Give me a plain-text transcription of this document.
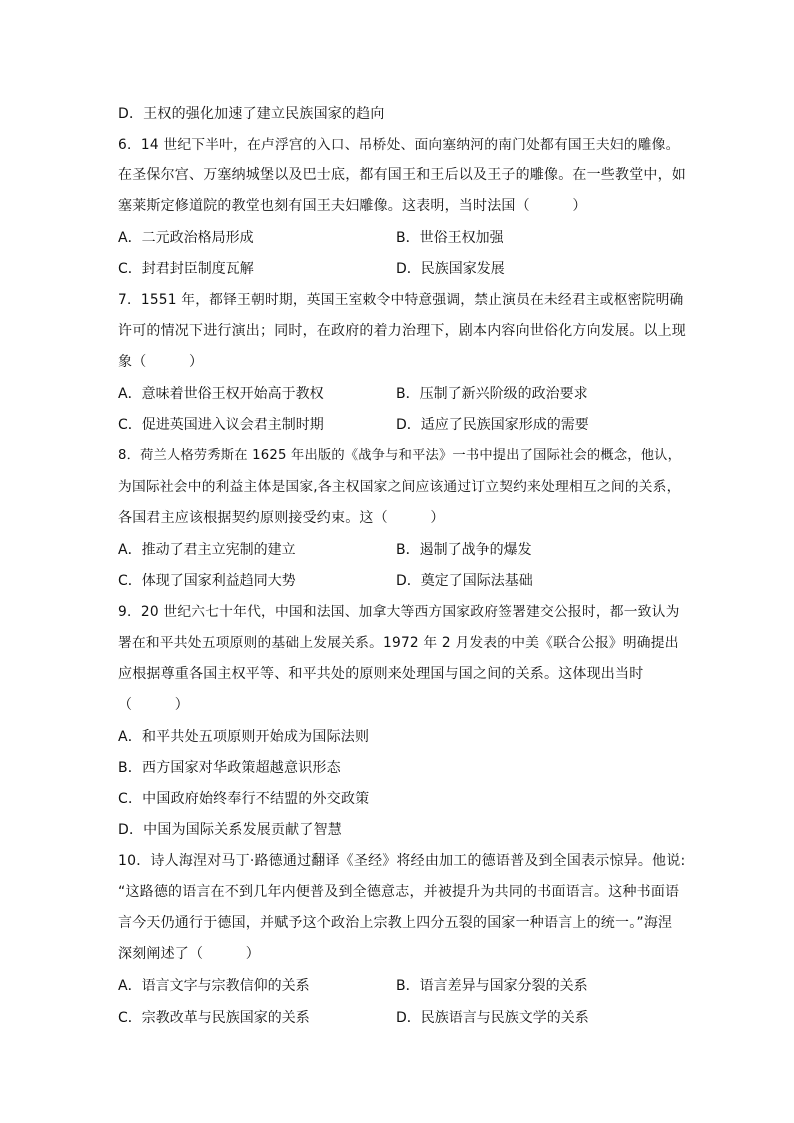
D．王权的强化加速了建立民族国家的趋向
6．14 世纪下半叶，在卢浮宫的入口、吊桥处、面向塞纳河的南门处都有国王夫妇的雕像。
在圣保尔宫、万塞纳城堡以及巴士底，都有国王和王后以及王子的雕像。在一些教堂中，如
塞莱斯定修道院的教堂也刻有国王夫妇雕像。这表明，当时法国（　　　）
A．二元政治格局形成	B．世俗王权加强
C．封君封臣制度瓦解	D．民族国家发展
7．1551 年，都铎王朝时期，英国王室敕令中特意强调，禁止演员在未经君主或枢密院明确
许可的情况下进行演出；同时，在政府的着力治理下，剧本内容向世俗化方向发展。以上现
象（　　　）
A．意味着世俗王权开始高于教权	B．压制了新兴阶级的政治要求
C．促进英国进入议会君主制时期	D．适应了民族国家形成的需要
8．荷兰人格劳秀斯在 1625 年出版的《战争与和平法》一书中提出了国际社会的概念，他认，
为国际社会中的利益主体是国家,各主权国家之间应该通过订立契约来处理相互之间的关系，
各国君主应该根据契约原则接受约束。这（　　　）
A．推动了君主立宪制的建立	B．遏制了战争的爆发
C．体现了国家利益趋同大势	D．奠定了国际法基础
9．20 世纪六七十年代，中国和法国、加拿大等西方国家政府签署建交公报时，都一致认为
署在和平共处五项原则的基础上发展关系。1972 年 2 月发表的中美《联合公报》明确提出
应根据尊重各国主权平等、和平共处的原则来处理国与国之间的关系。这体现出当时
（　　　）
A．和平共处五项原则开始成为国际法则
B．西方国家对华政策超越意识形态
C．中国政府始终奉行不结盟的外交政策
D．中国为国际关系发展贡献了智慧
10．诗人海涅对马丁·路德通过翻译《圣经》将经由加工的德语普及到全国表示惊异。他说:
“这路德的语言在不到几年内便普及到全德意志，并被提升为共同的书面语言。这种书面语
言今天仍通行于德国，并赋予这个政治上宗教上四分五裂的国家一种语言上的统一。”海涅
深刻阐述了（　　　）
A．语言文字与宗教信仰的关系	B．语言差异与国家分裂的关系
C．宗教改革与民族国家的关系	D．民族语言与民族文学的关系
